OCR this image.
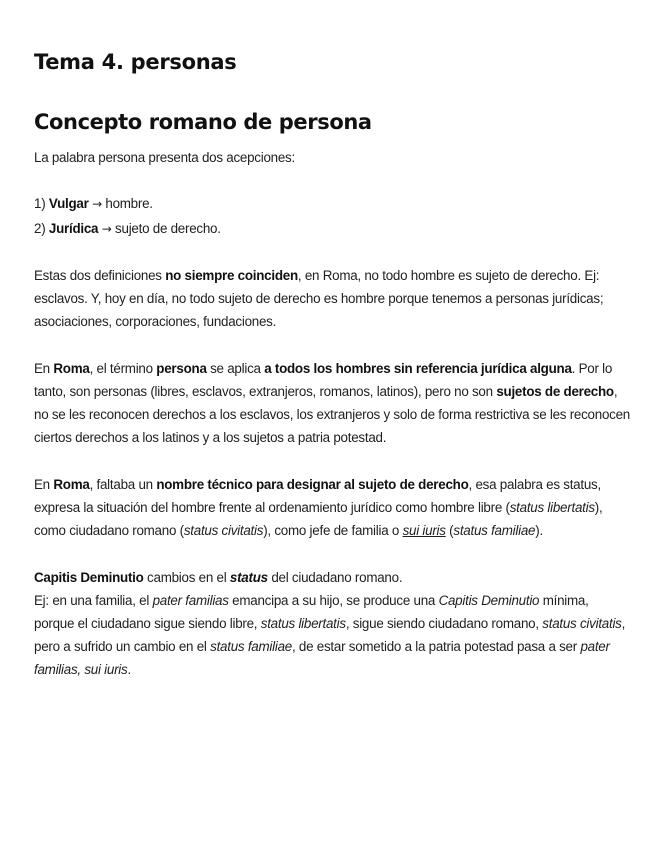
Tema 4. personas
Concepto romano de persona

La palabra persona presenta dos acepciones:

1) Vulgar → hombre.

2) Jurídica → sujeto de derecho.

Estas dos definiciones no siempre coinciden, en Roma, no todo hombre es sujeto de derecho. Ej: esclavos. Y, hoy en día, no todo sujeto de derecho es hombre porque tenemos a personas jurídicas; asociaciones, corporaciones, fundaciones.

En Roma, el término persona se aplica a todos los hombres sin referencia jurídica alguna. Por lo tanto, son personas (libres, esclavos, extranjeros, romanos, latinos), pero no son sujetos de derecho, no se les reconocen derechos a los esclavos, los extranjeros y solo de forma restrictiva se les reconocen ciertos derechos a los latinos y a los sujetos a patria potestad.

En Roma, faltaba un nombre técnico para designar al sujeto de derecho, esa palabra es status, expresa la situación del hombre frente al ordenamiento jurídico como hombre libre (status libertatis), como ciudadano romano (status civitatis), como jefe de familia o sui iuris (status familiae).

Capitis Deminutio cambios en el status del ciudadano romano.

Ej: en una familia, el pater familias emancipa a su hijo, se produce una Capitis Deminutio mínima, porque el ciudadano sigue siendo libre, status libertatis, sigue siendo ciudadano romano, status civitatis, pero a sufrido un cambio en el status familiae, de estar sometido a la patria potestad pasa a ser pater familias, sui iuris.
